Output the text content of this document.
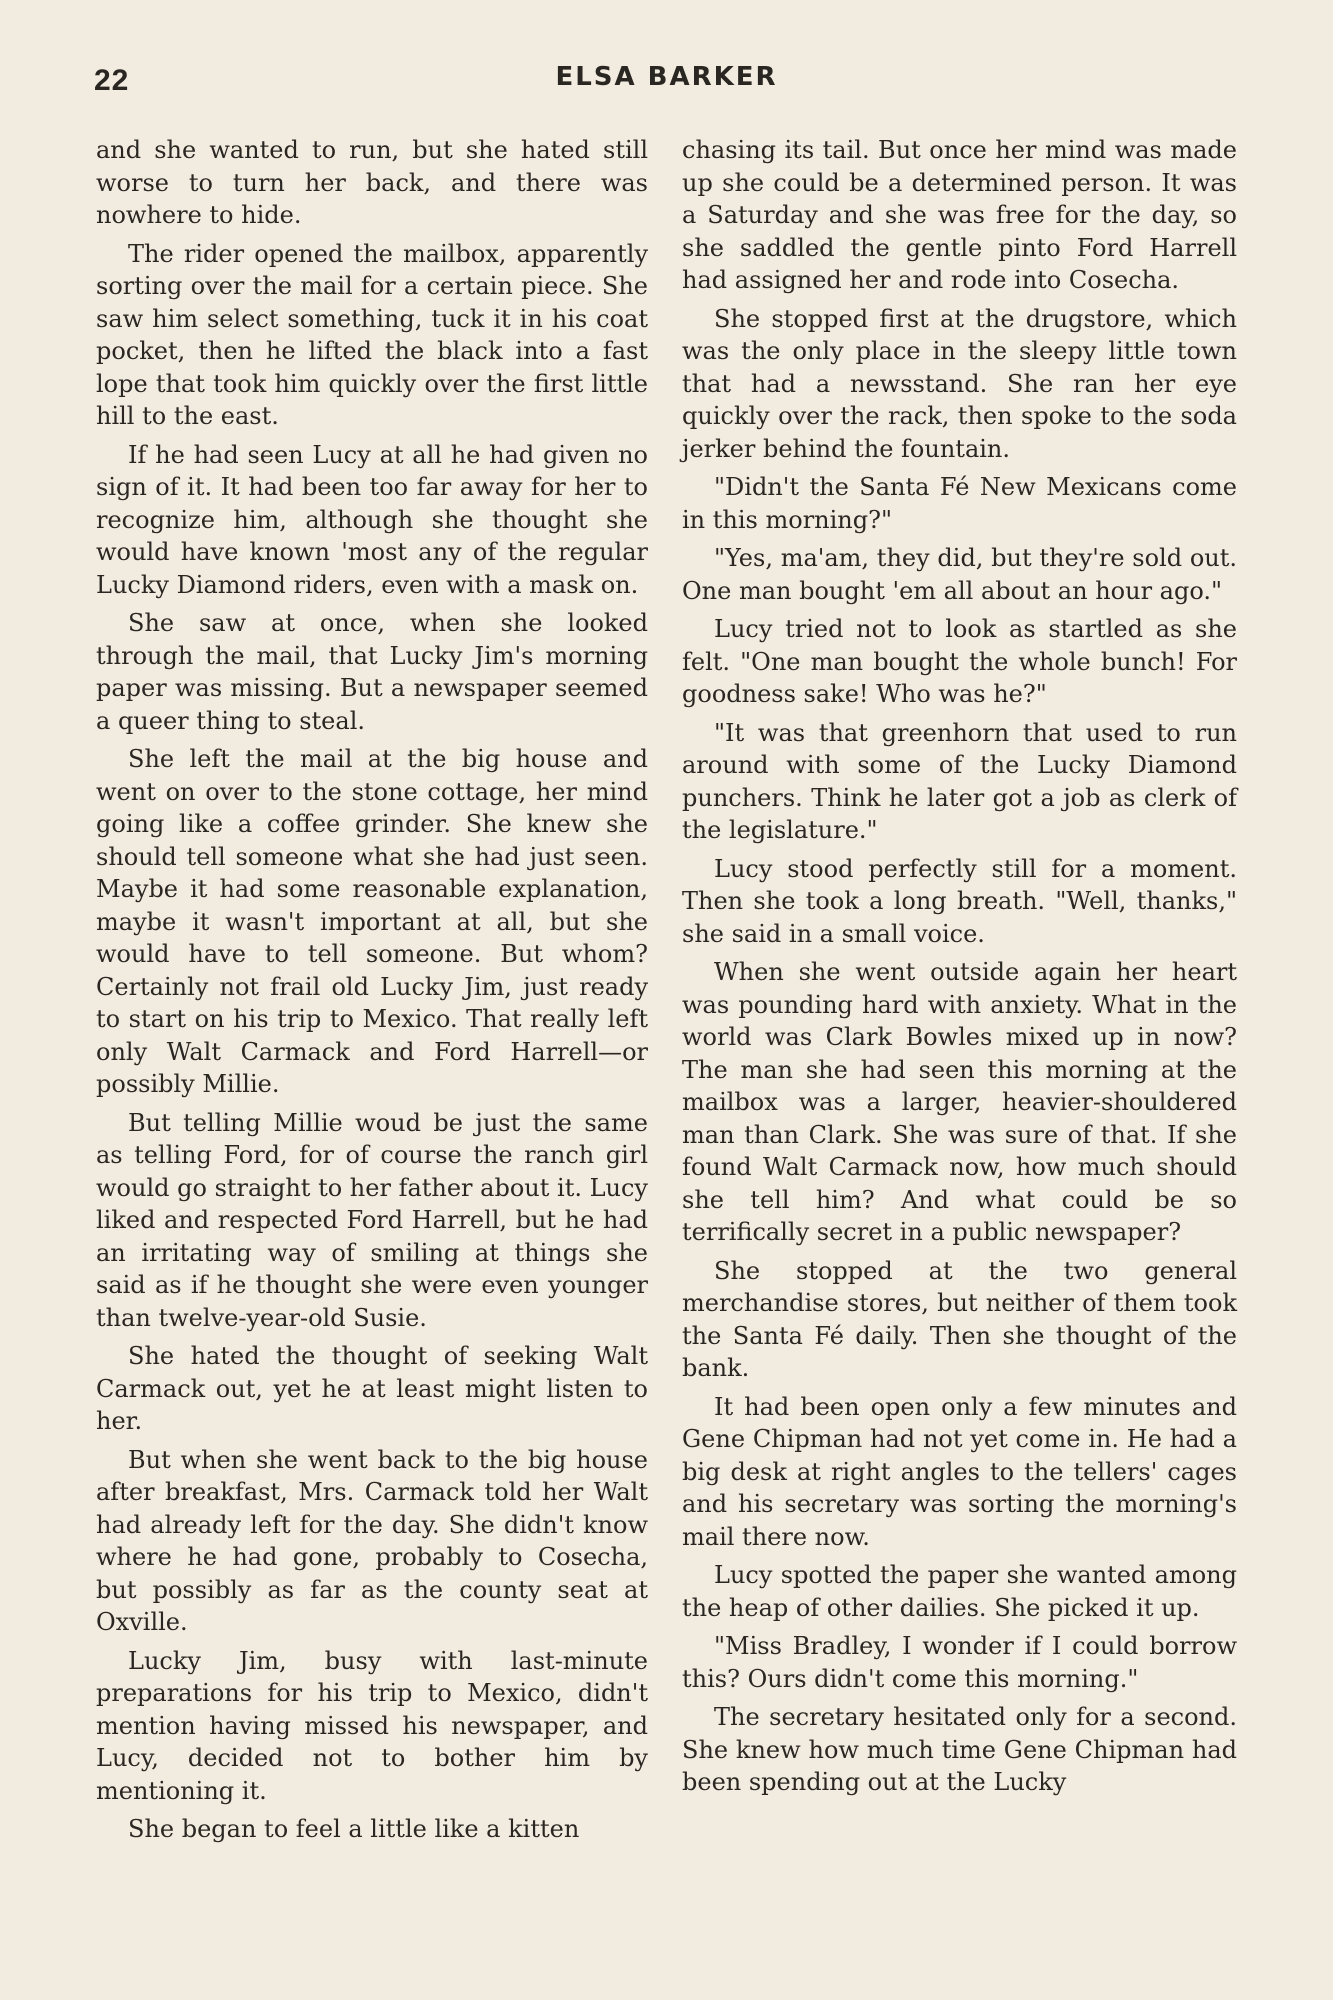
22	ELSA BARKER

and she wanted to run, but she hated still worse to turn her back, and there was nowhere to hide.

The rider opened the mailbox, apparently sorting over the mail for a certain piece. She saw him select something, tuck it in his coat pocket, then he lifted the black into a fast lope that took him quickly over the first little hill to the east.

If he had seen Lucy at all he had given no sign of it. It had been too far away for her to recognize him, although she thought she would have known 'most any of the regular Lucky Diamond riders, even with a mask on.

She saw at once, when she looked through the mail, that Lucky Jim's morning paper was missing. But a newspaper seemed a queer thing to steal.

She left the mail at the big house and went on over to the stone cottage, her mind going like a coffee grinder. She knew she should tell someone what she had just seen. Maybe it had some reasonable explanation, maybe it wasn't important at all, but she would have to tell someone. But whom? Certainly not frail old Lucky Jim, just ready to start on his trip to Mexico. That really left only Walt Carmack and Ford Harrell—or possibly Millie.

But telling Millie woud be just the same as telling Ford, for of course the ranch girl would go straight to her father about it. Lucy liked and respected Ford Harrell, but he had an irritating way of smiling at things she said as if he thought she were even younger than twelve-year-old Susie.

She hated the thought of seeking Walt Carmack out, yet he at least might listen to her.

But when she went back to the big house after breakfast, Mrs. Carmack told her Walt had already left for the day. She didn't know where he had gone, probably to Cosecha, but possibly as far as the county seat at Oxville.

Lucky Jim, busy with last-minute preparations for his trip to Mexico, didn't mention having missed his newspaper, and Lucy, decided not to bother him by mentioning it.

She began to feel a little like a kitten

chasing its tail. But once her mind was made up she could be a determined person. It was a Saturday and she was free for the day, so she saddled the gentle pinto Ford Harrell had assigned her and rode into Cosecha.

She stopped first at the drugstore, which was the only place in the sleepy little town that had a newsstand. She ran her eye quickly over the rack, then spoke to the soda jerker behind the fountain.

"Didn't the Santa Fé New Mexicans come in this morning?"

"Yes, ma'am, they did, but they're sold out. One man bought 'em all about an hour ago."

Lucy tried not to look as startled as she felt. "One man bought the whole bunch! For goodness sake! Who was he?"

"It was that greenhorn that used to run around with some of the Lucky Diamond punchers. Think he later got a job as clerk of the legislature."

Lucy stood perfectly still for a moment. Then she took a long breath. "Well, thanks," she said in a small voice.

When she went outside again her heart was pounding hard with anxiety. What in the world was Clark Bowles mixed up in now? The man she had seen this morning at the mailbox was a larger, heavier-shouldered man than Clark. She was sure of that. If she found Walt Carmack now, how much should she tell him? And what could be so terrifically secret in a public newspaper?

She stopped at the two general merchandise stores, but neither of them took the Santa Fé daily. Then she thought of the bank.

It had been open only a few minutes and Gene Chipman had not yet come in. He had a big desk at right angles to the tellers' cages and his secretary was sorting the morning's mail there now.

Lucy spotted the paper she wanted among the heap of other dailies. She picked it up.

"Miss Bradley, I wonder if I could borrow this? Ours didn't come this morning."

The secretary hesitated only for a second. She knew how much time Gene Chipman had been spending out at the Lucky
